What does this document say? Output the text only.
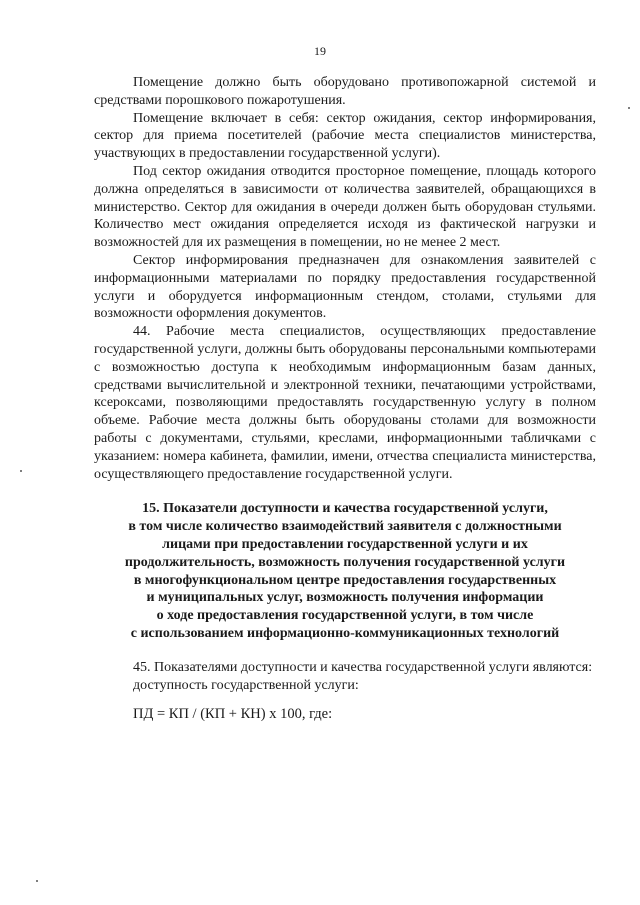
19

Помещение должно быть оборудовано противопожарной системой и средствами порошкового пожаротушения.

Помещение включает в себя: сектор ожидания, сектор информирования, сектор для приема посетителей (рабочие места специалистов министерства, участвующих в предоставлении государственной услуги).

Под сектор ожидания отводится просторное помещение, площадь которого должна определяться в зависимости от количества заявителей, обращающихся в министерство. Сектор для ожидания в очереди должен быть оборудован стульями. Количество мест ожидания определяется исходя из фактической нагрузки и возможностей для их размещения в помещении, но не менее 2 мест.

Сектор информирования предназначен для ознакомления заявителей с информационными материалами по порядку предоставления государственной услуги и оборудуется информационным стендом, столами, стульями для возможности оформления документов.

44. Рабочие места специалистов, осуществляющих предоставление государственной услуги, должны быть оборудованы персональными компьютерами с возможностью доступа к необходимым информационным базам данных, средствами вычислительной и электронной техники, печатающими устройствами, ксероксами, позволяющими предоставлять государственную услугу в полном объеме. Рабочие места должны быть оборудованы столами для возможности работы с документами, стульями, креслами, информационными табличками с указанием: номера кабинета, фамилии, имени, отчества специалиста министерства, осуществляющего предоставление государственной услуги.

15. Показатели доступности и качества государственной услуги,
в том числе количество взаимодействий заявителя с должностными
лицами при предоставлении государственной услуги и их
продолжительность, возможность получения государственной услуги
в многофункциональном центре предоставления государственных
и муниципальных услуг, возможность получения информации
о ходе предоставления государственной услуги, в том числе
с использованием информационно-коммуникационных технологий

45. Показателями доступности и качества государственной услуги являются:

доступность государственной услуги:

ПД = КП / (КП + КН) х 100, где:
